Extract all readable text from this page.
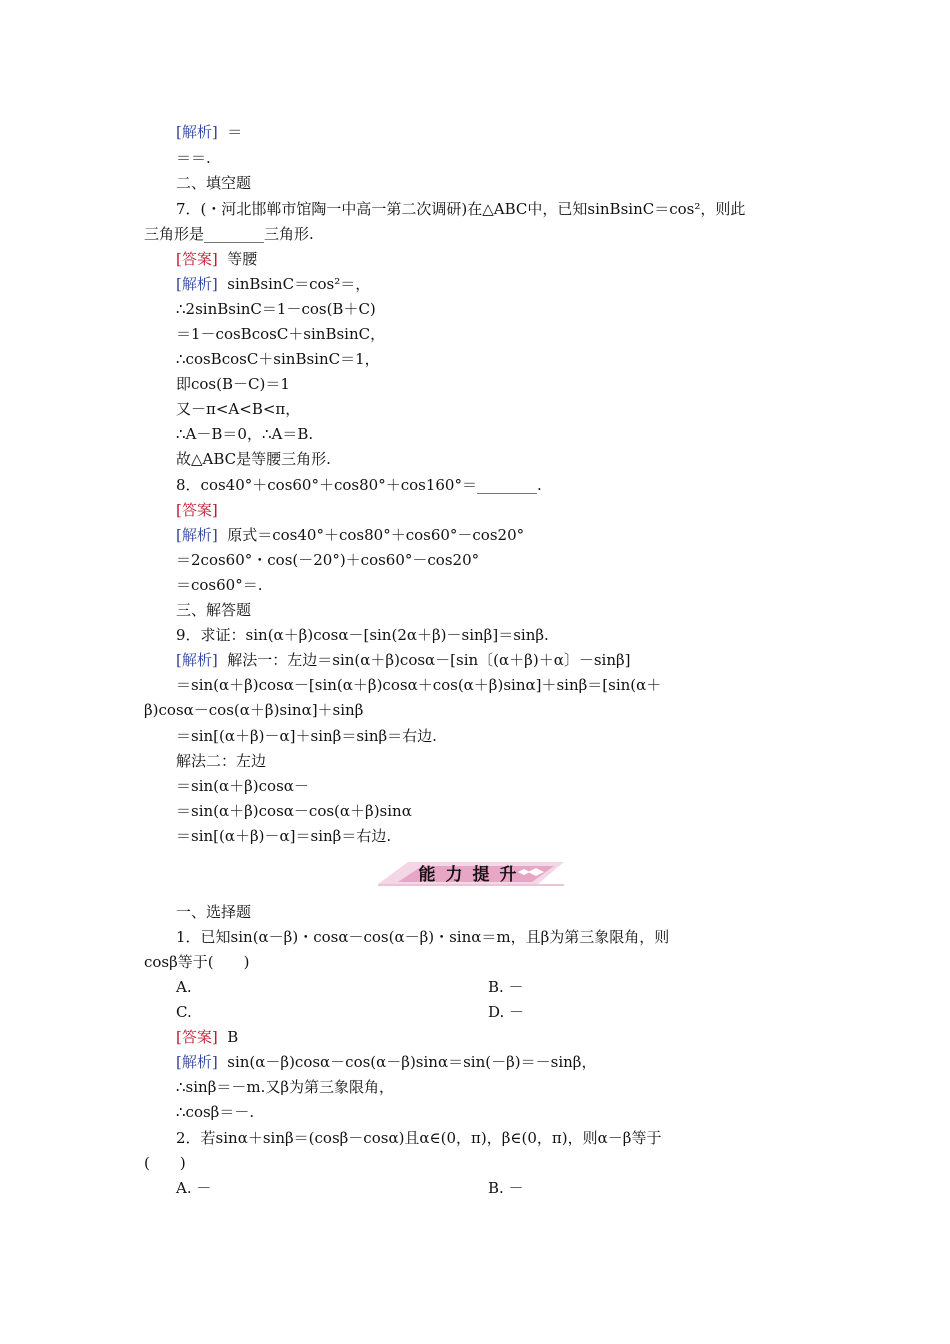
[解析]  ＝
＝＝.
二、填空题
7．(・河北邯郸市馆陶一中高一第二次调研)在△ABC中，已知sinBsinC＝cos²，则此
三角形是________三角形.
[答案]  等腰
[解析]  sinBsinC＝cos²＝，
∴2sinBsinC＝1－cos(B＋C)
＝1－cosBcosC＋sinBsinC，
∴cosBcosC＋sinBsinC＝1，
即cos(B－C)＝1
又－π<A<B<π，
∴A－B＝0，∴A＝B.
故△ABC是等腰三角形.
8．cos40°＋cos60°＋cos80°＋cos160°＝________.
[答案]
[解析]  原式＝cos40°＋cos80°＋cos60°－cos20°
＝2cos60°・cos(－20°)＋cos60°－cos20°
＝cos60°＝.
三、解答题
9．求证：sin(α＋β)cosα－[sin(2α＋β)－sinβ]＝sinβ.
[解析]  解法一：左边＝sin(α＋β)cosα－[sin〔(α＋β)＋α〕－sinβ]
＝sin(α＋β)cosα－[sin(α＋β)cosα＋cos(α＋β)sinα]＋sinβ＝[sin(α＋
β)cosα－cos(α＋β)sinα]＋sinβ
＝sin[(α＋β)－α]＋sinβ＝sinβ＝右边.
解法二：左边
＝sin(α＋β)cosα－
＝sin(α＋β)cosα－cos(α＋β)sinα
＝sin[(α＋β)－α]＝sinβ＝右边.
一、选择题
1．已知sin(α－β)・cosα－cos(α－β)・sinα＝m，且β为第三象限角，则
cosβ等于(　　)
[答案]  B
[解析]  sin(α－β)cosα－cos(α－β)sinα＝sin(－β)＝－sinβ，
∴sinβ＝－m.又β为第三象限角，
∴cosβ＝－.
2．若sinα＋sinβ＝(cosβ－cosα)且α∈(0，π)，β∈(0，π)，则α－β等于
(　　)
A.	B. －
C.	D. －
A. －	B. －
能力提升
